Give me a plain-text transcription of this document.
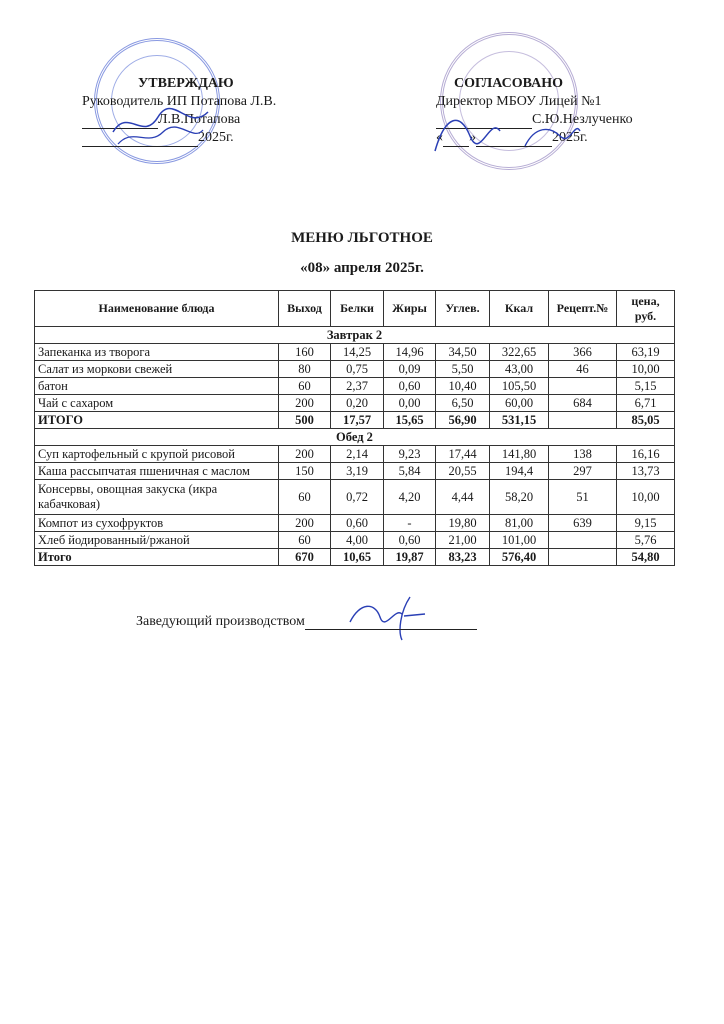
УТВЕРЖДАЮ
Руководитель ИП Потапова Л.В.
Л.В.Потапова
2025г.
СОГЛАСОВАНО
Директор МБОУ Лицей №1
С.Ю.Незлученко
« »	2025г.
МЕНЮ ЛЬГОТНОЕ
«08» апреля 2025г.
Наименование блюда	Выход	Белки	Жиры	Углев.	Ккал	Рецепт.№	цена, руб.
Завтрак 2							
Запеканка из творога	160	14,25	14,96	34,50	322,65	366	63,19
Салат из моркови свежей	80	0,75	0,09	5,50	43,00	46	10,00
батон	60	2,37	0,60	10,40	105,50		5,15
Чай с сахаром	200	0,20	0,00	6,50	60,00	684	6,71
ИТОГО	500	17,57	15,65	56,90	531,15		85,05
Обед 2							
Суп картофельный с крупой рисовой	200	2,14	9,23	17,44	141,80	138	16,16
Каша рассыпчатая пшеничная с маслом	150	3,19	5,84	20,55	194,4	297	13,73
Консервы, овощная закуска (икра кабачковая)	60	0,72	4,20	4,44	58,20	51	10,00
Компот из сухофруктов	200	0,60	-	19,80	81,00	639	9,15
Хлеб йодированный/ржаной	60	4,00	0,60	21,00	101,00		5,76
Итого	670	10,65	19,87	83,23	576,40		54,80
Заведующий производством
